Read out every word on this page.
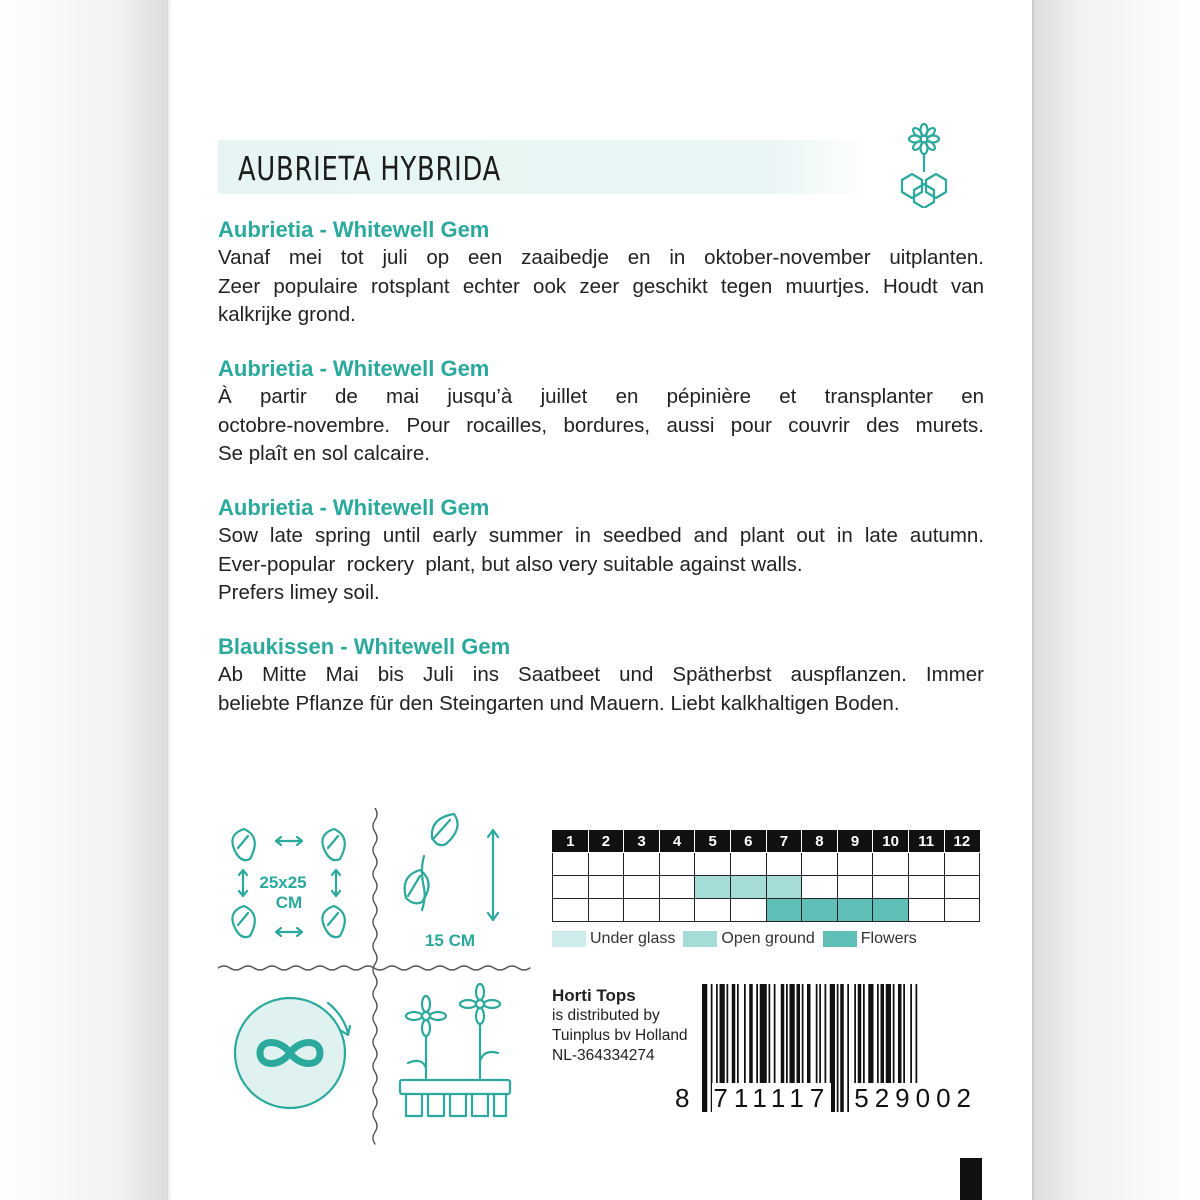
AUBRIETA HYBRIDA
Aubrietia - Whitewell Gem
Vanaf mei tot juli op een zaaibedje en in oktober-november uitplanten.
Zeer populaire rotsplant echter ook zeer geschikt tegen muurtjes. Houdt van
kalkrijke grond.
Aubrietia - Whitewell Gem
À partir de mai jusqu’à juillet en pépinière et transplanter en
octobre-novembre. Pour rocailles, bordures, aussi pour couvrir des murets.
Se plaît en sol calcaire.
Aubrietia - Whitewell Gem
Sow late spring until early summer in seedbed and plant out in late autumn.
Ever-popular  rockery  plant, but also very suitable against walls.
Prefers limey soil.
Blaukissen - Whitewell Gem
Ab Mitte Mai bis Juli ins Saatbeet und Spätherbst auspflanzen. Immer
beliebte Pflanze für den Steingarten und Mauern. Liebt kalkhaltigen Boden.
25x25
CM
15 CM
1	2	3	4	5	6	7	8	9	10	11	12

Under glass	Open ground	Flowers
Horti Tops
is distributed by
Tuinplus bv Holland
NL-364334274
8 711117 529002
